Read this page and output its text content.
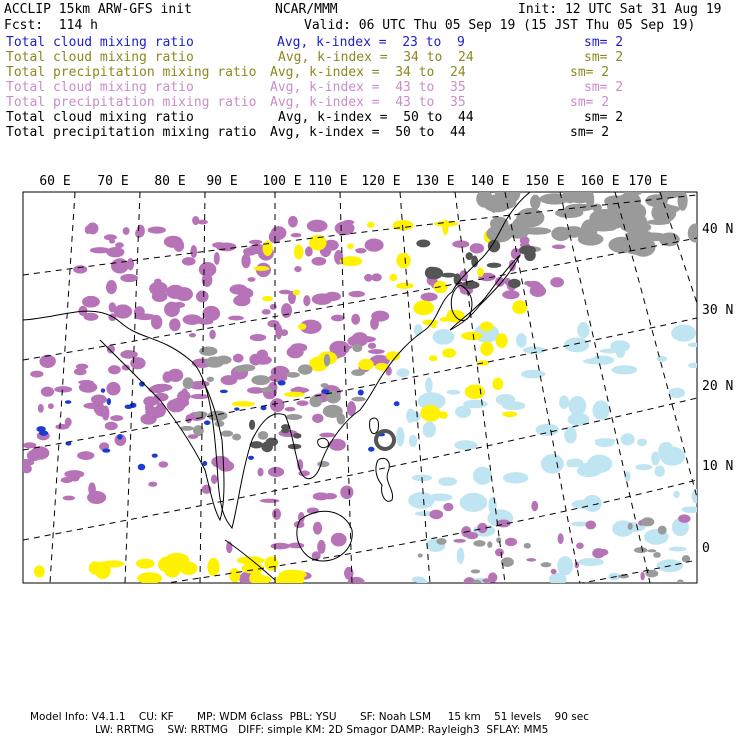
ACCLIP 15km ARW-GFS init	NCAR/MMM	Init: 12 UTC Sat 31 Aug 19
Fcst:  114 h	Valid: 06 UTC Thu 05 Sep 19 (15 JST Thu 05 Sep 19)
Total cloud mixing ratio	Avg, k-index =  23 to  9	sm= 2
Total cloud mixing ratio	Avg, k-index =  34 to  24	sm= 2
Total precipitation mixing ratio Avg, k-index =  34 to  24	sm= 2
Total cloud mixing ratio	Avg, k-index =  43 to  35	sm= 2
Total precipitation mixing ratio Avg, k-index =  43 to  35	sm= 2
Total cloud mixing ratio	Avg, k-index =  50 to  44	sm= 2
Total precipitation mixing ratio Avg, k-index =  50 to  44	sm= 2
60 E 70 E 80 E 90 E 100 E 110 E 120 E 130 E 140 E 150 E 160 E 170 E
40 N
30 N
20 N
10 N
0
Model Info: V4.1.1    CU: KF       MP: WDM 6class  PBL: YSU       SF: Noah LSM     15 km    51 levels    90 sec
LW: RRTMG    SW: RRTMG   DIFF: simple KM: 2D Smagor DAMP: Rayleigh3  SFLAY: MM5
